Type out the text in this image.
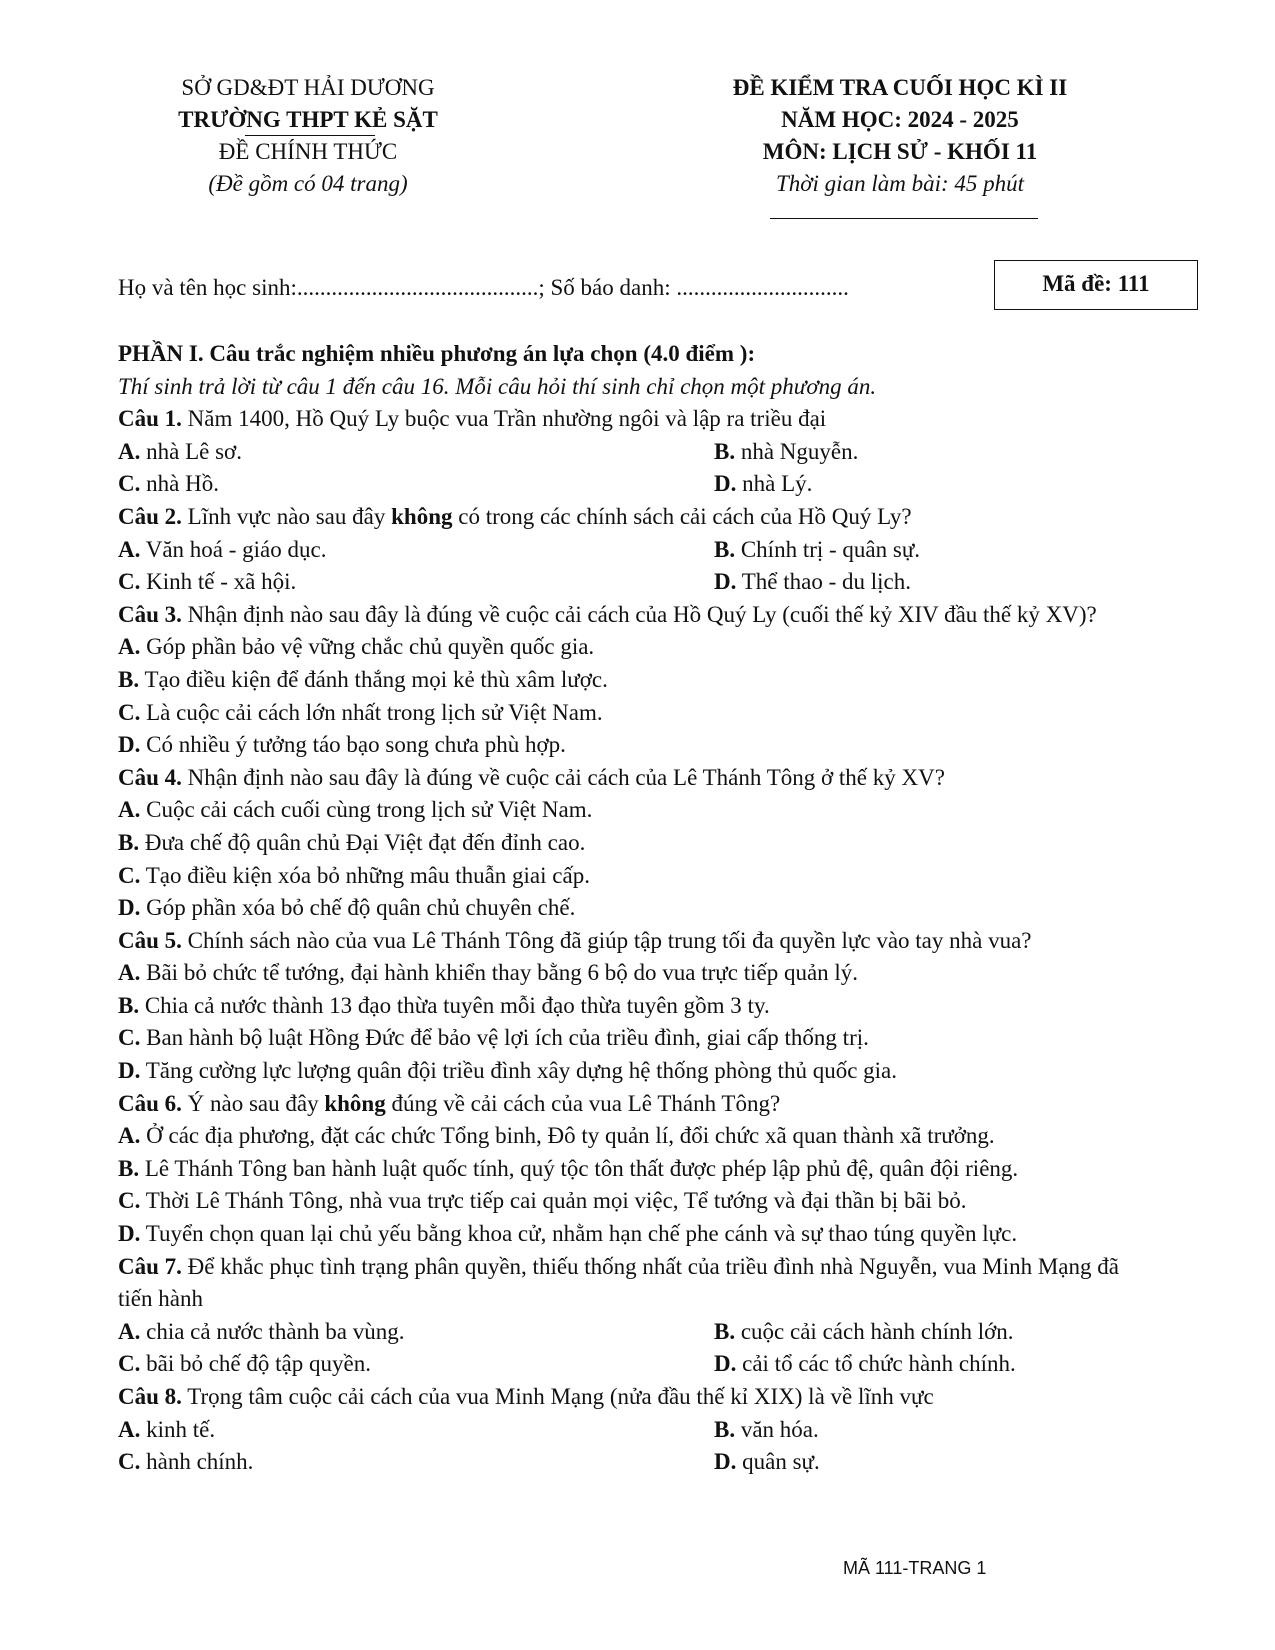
SỞ GD&ĐT HẢI DƯƠNG
TRƯỜNG THPT KẺ SẶT
ĐỀ CHÍNH THỨC
(Đề gồm có 04 trang)
ĐỀ KIỂM TRA CUỐI HỌC KÌ II
NĂM HỌC: 2024 - 2025
MÔN: LỊCH SỬ - KHỐI 11
Thời gian làm bài: 45 phút
Họ và tên học sinh:..........................................; Số báo danh: ..............................	Mã đề: 111
PHẦN I. Câu trắc nghiệm nhiều phương án lựa chọn (4.0 điểm ):
Thí sinh trả lời từ câu 1 đến câu 16. Mỗi câu hỏi thí sinh chỉ chọn một phương án.
Câu 1. Năm 1400, Hồ Quý Ly buộc vua Trần nhường ngôi và lập ra triều đại
A. nhà Lê sơ.	B. nhà Nguyễn.
C. nhà Hồ.	D. nhà Lý.
Câu 2. Lĩnh vực nào sau đây không có trong các chính sách cải cách của Hồ Quý Ly?
A. Văn hoá - giáo dục.	B. Chính trị - quân sự.
C. Kinh tế - xã hội.	D. Thể thao - du lịch.
Câu 3. Nhận định nào sau đây là đúng về cuộc cải cách của Hồ Quý Ly (cuối thế kỷ XIV đầu thế kỷ XV)?
A. Góp phần bảo vệ vững chắc chủ quyền quốc gia.
B. Tạo điều kiện để đánh thắng mọi kẻ thù xâm lược.
C. Là cuộc cải cách lớn nhất trong lịch sử Việt Nam.
D. Có nhiều ý tưởng táo bạo song chưa phù hợp.
Câu 4. Nhận định nào sau đây là đúng về cuộc cải cách của Lê Thánh Tông ở thế kỷ XV?
A. Cuộc cải cách cuối cùng trong lịch sử Việt Nam.
B. Đưa chế độ quân chủ Đại Việt đạt đến đỉnh cao.
C. Tạo điều kiện xóa bỏ những mâu thuẫn giai cấp.
D. Góp phần xóa bỏ chế độ quân chủ chuyên chế.
Câu 5. Chính sách nào của vua Lê Thánh Tông đã giúp tập trung tối đa quyền lực vào tay nhà vua?
A. Bãi bỏ chức tể tướng, đại hành khiển thay bằng 6 bộ do vua trực tiếp quản lý.
B. Chia cả nước thành 13 đạo thừa tuyên mỗi đạo thừa tuyên gồm 3 ty.
C. Ban hành bộ luật Hồng Đức để bảo vệ lợi ích của triều đình, giai cấp thống trị.
D. Tăng cường lực lượng quân đội triều đình xây dựng hệ thống phòng thủ quốc gia.
Câu 6. Ý nào sau đây không đúng về cải cách của vua Lê Thánh Tông?
A. Ở các địa phương, đặt các chức Tổng binh, Đô ty quản lí, đổi chức xã quan thành xã trưởng.
B. Lê Thánh Tông ban hành luật quốc tính, quý tộc tôn thất được phép lập phủ đệ, quân đội riêng.
C. Thời Lê Thánh Tông, nhà vua trực tiếp cai quản mọi việc, Tể tướng và đại thần bị bãi bỏ.
D. Tuyển chọn quan lại chủ yếu bằng khoa cử, nhằm hạn chế phe cánh và sự thao túng quyền lực.
Câu 7. Để khắc phục tình trạng phân quyền, thiếu thống nhất của triều đình nhà Nguyễn, vua Minh Mạng đã tiến hành
A. chia cả nước thành ba vùng.	B. cuộc cải cách hành chính lớn.
C. bãi bỏ chế độ tập quyền.	D. cải tổ các tổ chức hành chính.
Câu 8. Trọng tâm cuộc cải cách của vua Minh Mạng (nửa đầu thế kỉ XIX) là về lĩnh vực
A. kinh tế.	B. văn hóa.
C. hành chính.	D. quân sự.
MÃ 111-TRANG 1
